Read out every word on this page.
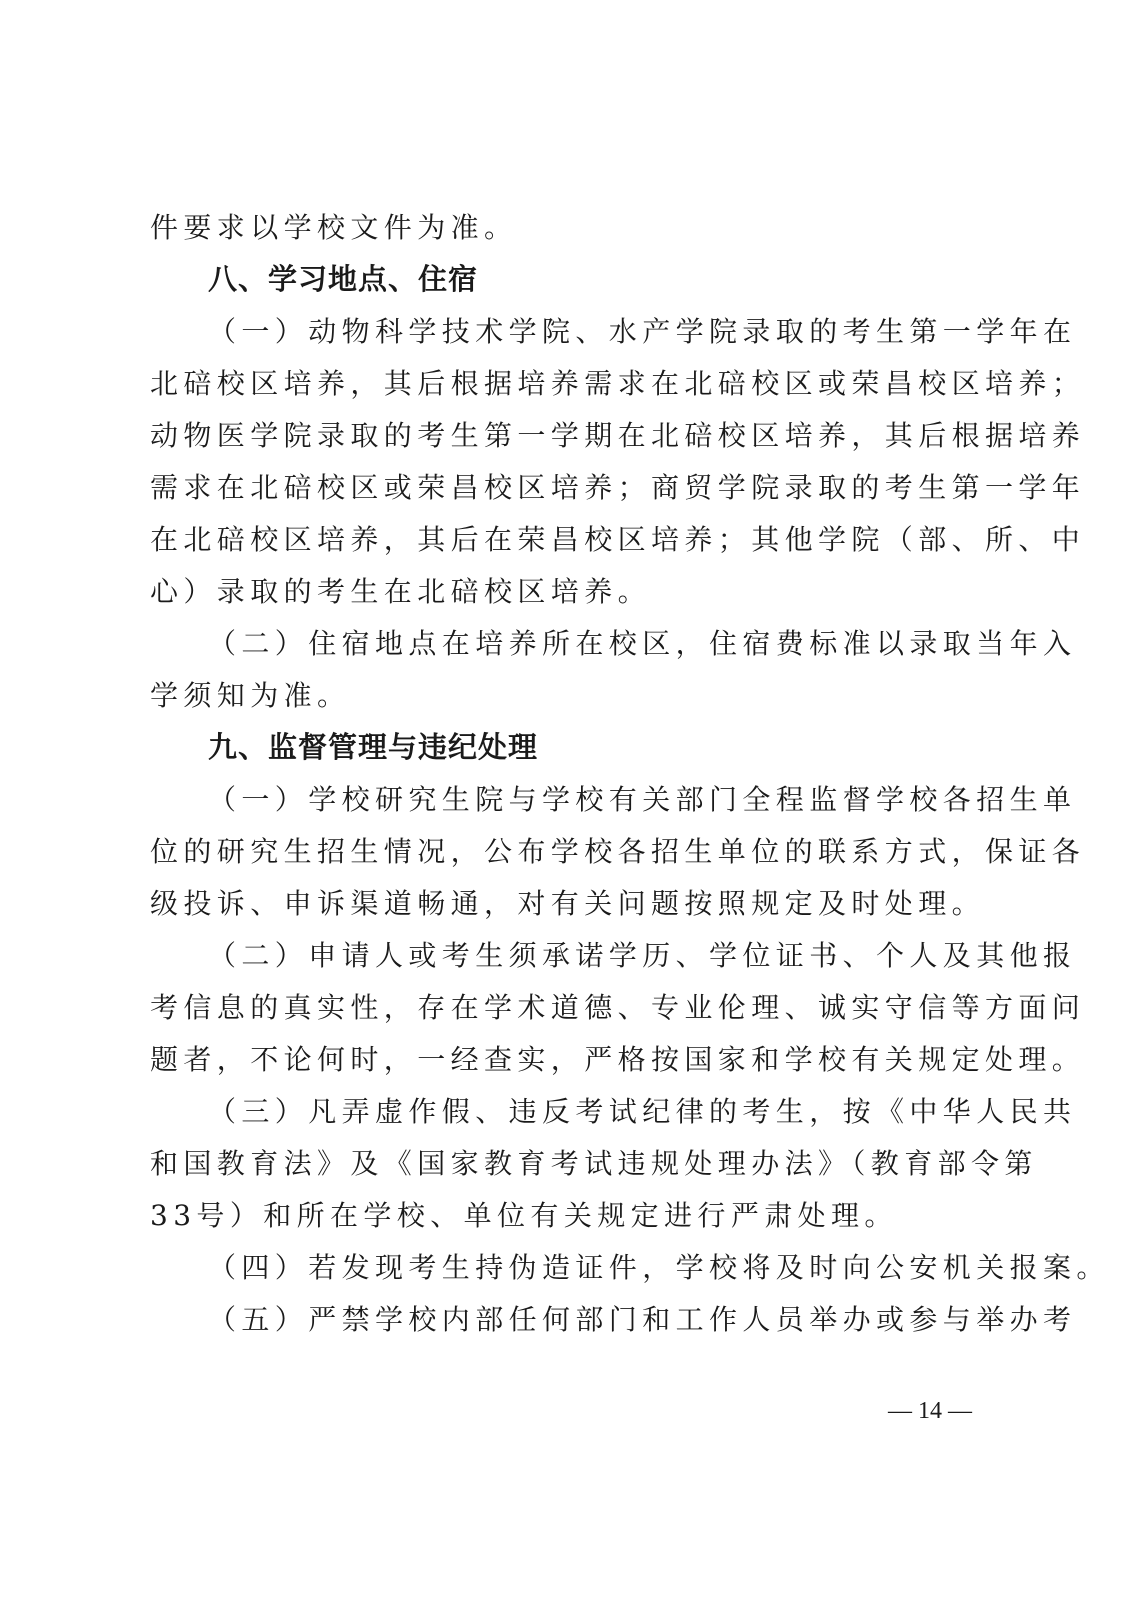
件要求以学校文件为准。
八、学习地点、住宿
（一）动物科学技术学院、水产学院录取的考生第一学年在
北碚校区培养，其后根据培养需求在北碚校区或荣昌校区培养；
动物医学院录取的考生第一学期在北碚校区培养，其后根据培养
需求在北碚校区或荣昌校区培养；商贸学院录取的考生第一学年
在北碚校区培养，其后在荣昌校区培养；其他学院（部、所、中
心）录取的考生在北碚校区培养。
（二）住宿地点在培养所在校区，住宿费标准以录取当年入
学须知为准。
九、监督管理与违纪处理
（一）学校研究生院与学校有关部门全程监督学校各招生单
位的研究生招生情况，公布学校各招生单位的联系方式，保证各
级投诉、申诉渠道畅通，对有关问题按照规定及时处理。
（二）申请人或考生须承诺学历、学位证书、个人及其他报
考信息的真实性，存在学术道德、专业伦理、诚实守信等方面问
题者，不论何时，一经查实，严格按国家和学校有关规定处理。
（三）凡弄虚作假、违反考试纪律的考生，按《中华人民共
和国教育法》及《国家教育考试违规处理办法》（教育部令第
33号）和所在学校、单位有关规定进行严肃处理。
（四）若发现考生持伪造证件，学校将及时向公安机关报案。
（五）严禁学校内部任何部门和工作人员举办或参与举办考
— 14 —
